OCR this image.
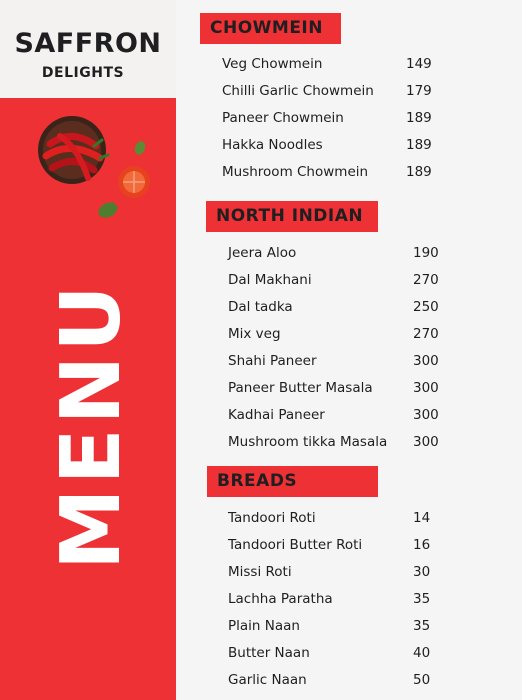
SAFFRON
DELIGHTS
MENU
CHOWMEIN
Veg Chowmein	149
Chilli Garlic Chowmein 179
Paneer Chowmein	189
Hakka Noodles	189
Mushroom Chowmein	189
NORTH INDIAN
Jeera Aloo	190
Dal Makhani	270
Dal tadka	250
Mix veg	270
Shahi Paneer	300
Paneer Butter Masala	300
Kadhai Paneer	300
Mushroom tikka Masala 300
BREADS
Tandoori Roti	14
Tandoori Butter Roti	16
Missi Roti	30
Lachha Paratha	35
Plain Naan	35
Butter Naan	40
Garlic Naan	50
